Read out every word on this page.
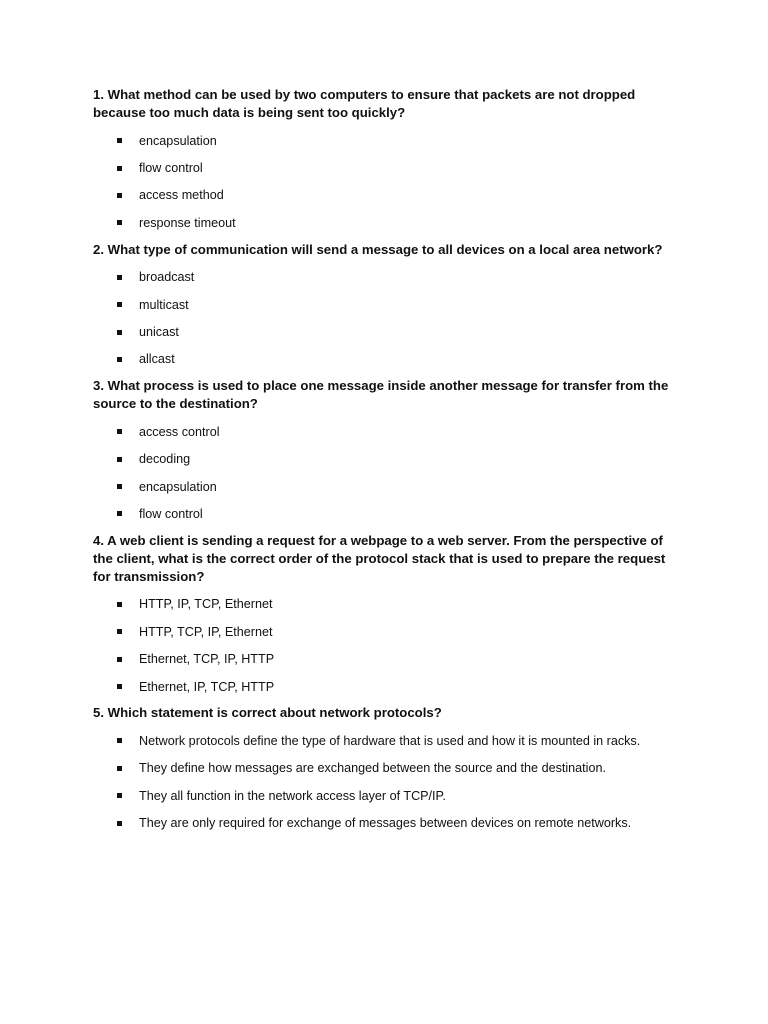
1. What method can be used by two computers to ensure that packets are not dropped because too much data is being sent too quickly?

encapsulation
flow control
access method
response timeout

2. What type of communication will send a message to all devices on a local area network?

broadcast
multicast
unicast
allcast

3. What process is used to place one message inside another message for transfer from the source to the destination?

access control
decoding
encapsulation
flow control

4. A web client is sending a request for a webpage to a web server. From the perspective of the client, what is the correct order of the protocol stack that is used to prepare the request for transmission?

HTTP, IP, TCP, Ethernet
HTTP, TCP, IP, Ethernet
Ethernet, TCP, IP, HTTP
Ethernet, IP, TCP, HTTP

5. Which statement is correct about network protocols?

Network protocols define the type of hardware that is used and how it is mounted in racks.
They define how messages are exchanged between the source and the destination.
They all function in the network access layer of TCP/IP.
They are only required for exchange of messages between devices on remote networks.
